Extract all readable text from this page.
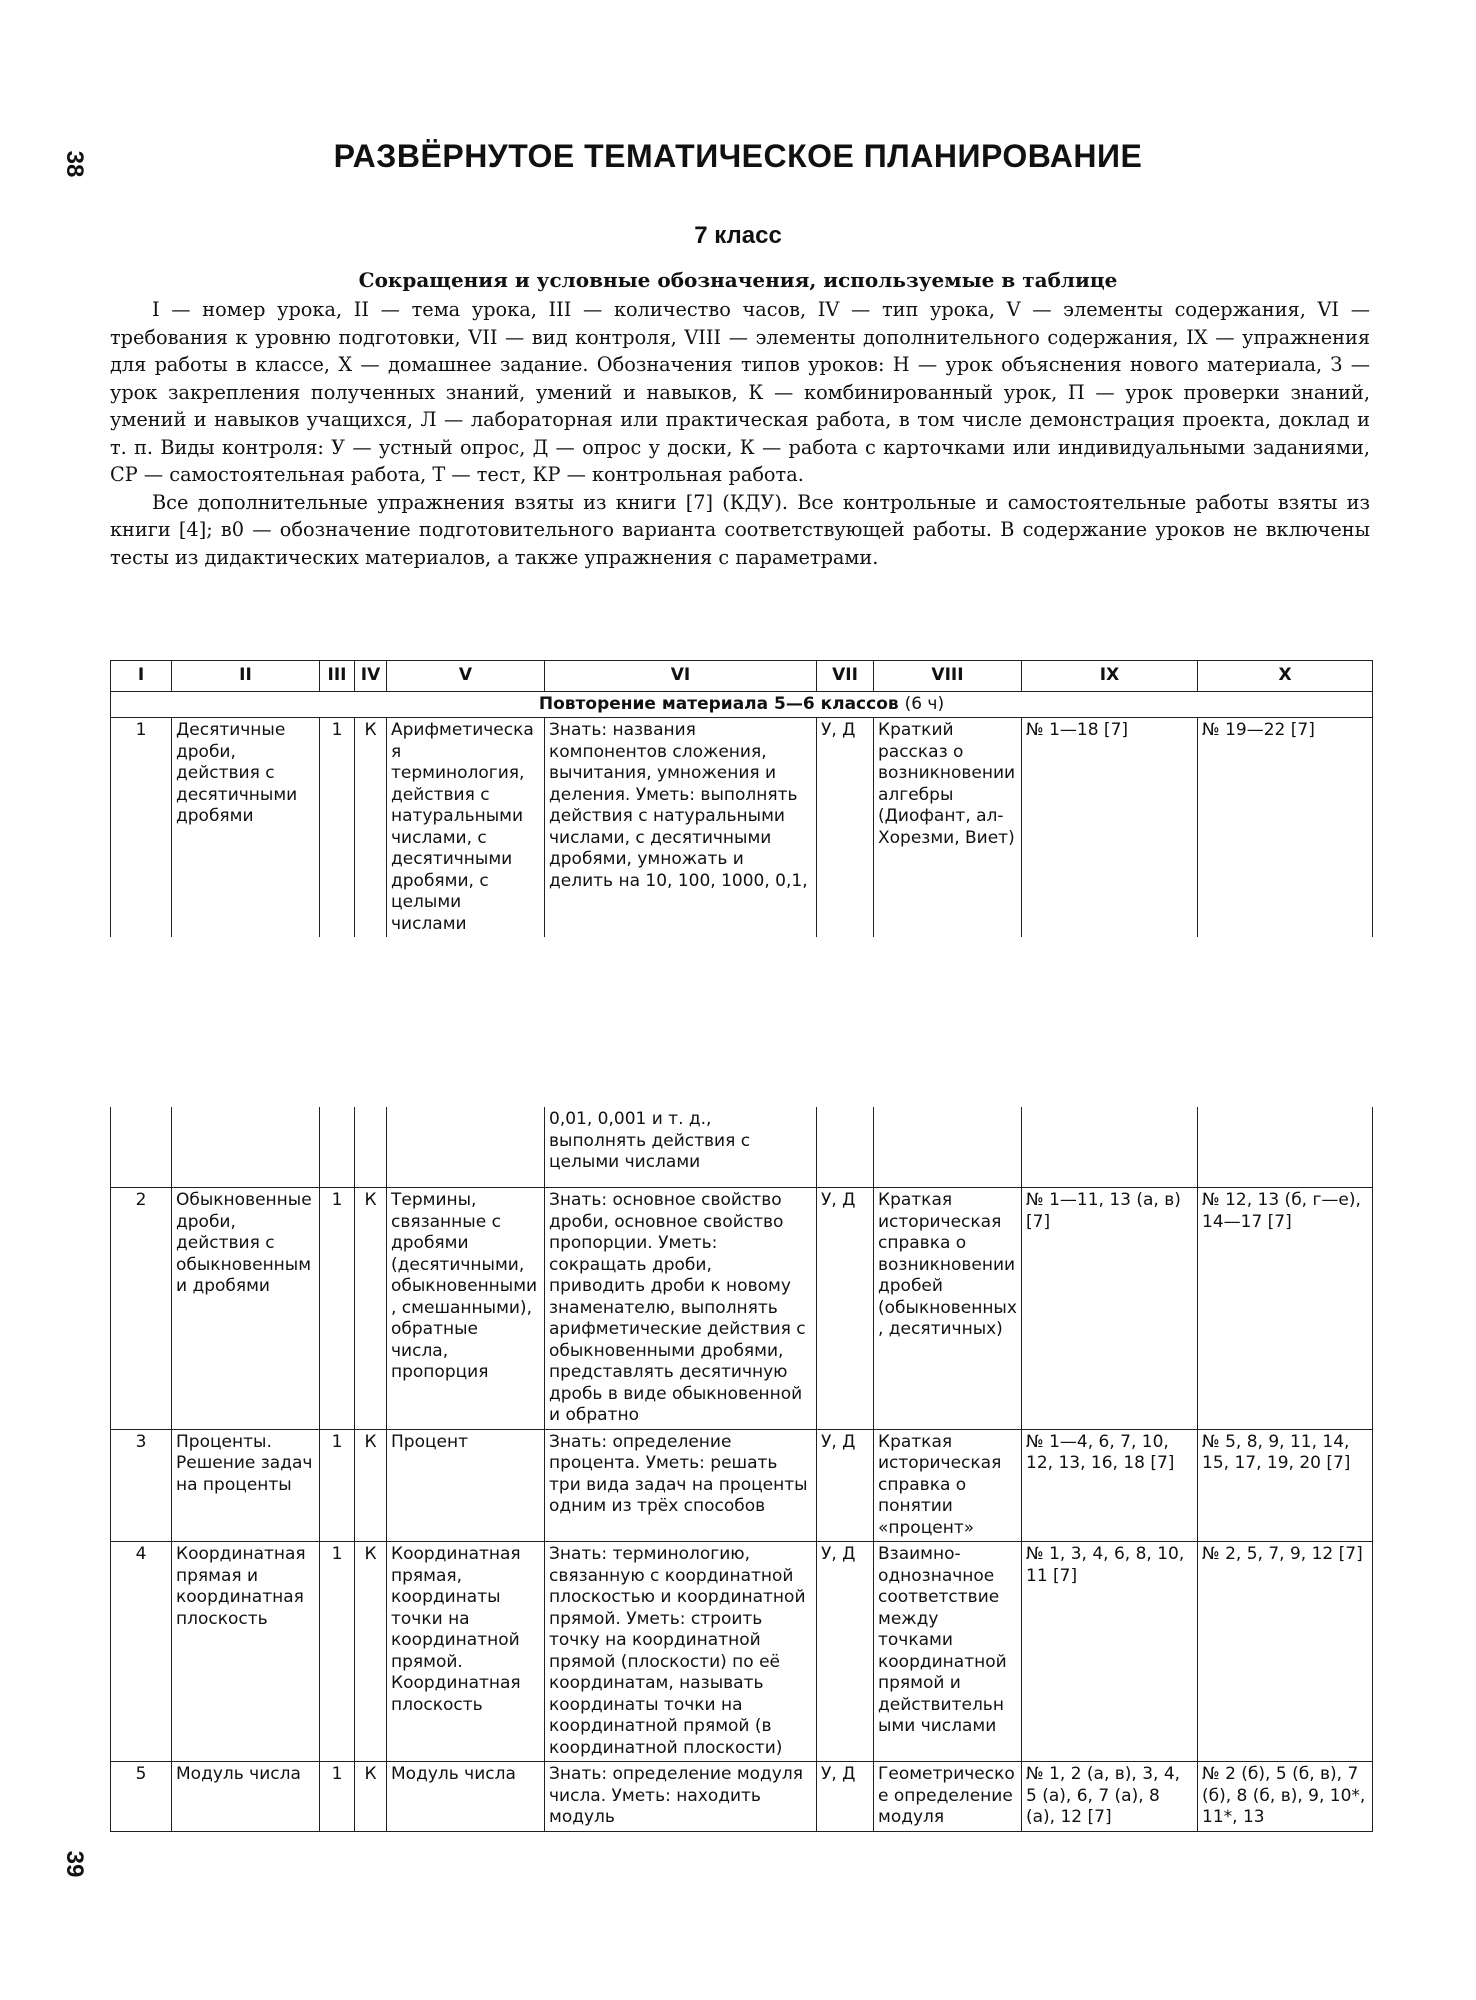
38
39
РАЗВЁРНУТОЕ ТЕМАТИЧЕСКОЕ ПЛАНИРОВАНИЕ
7 класс
Сокращения и условные обозначения, используемые в таблице

I — номер урока, II — тема урока, III — количество часов, IV — тип урока, V — элементы содержания, VI — требования к уровню подготовки, VII — вид контроля, VIII — элементы дополнительного содержания, IX — упражнения для работы в классе, X — домашнее задание. Обозначения типов уроков: Н — урок объяснения нового материала, З — урок закрепления полученных знаний, умений и навыков, К — комбинированный урок, П — урок проверки знаний, умений и навыков учащихся, Л — лабораторная или практическая работа, в том числе демонстрация проекта, доклад и т. п. Виды контроля: У — устный опрос, Д — опрос у доски, К — работа с карточками или индивидуальными заданиями, СР — самостоятельная работа, Т — тест, КР — контрольная работа.

Все дополнительные упражнения взяты из книги [7] (КДУ). Все контрольные и самостоятельные работы взяты из книги [4]; в0 — обозначение подготовительного варианта соответствующей работы. В содержание уроков не включены тесты из дидактических материалов, а также упражнения с параметрами.

I	II	III	IV	V	VI	VII	VIII	IX	X
Повторение материала 5—6 классов (6 ч)									
1	Десятичные дроби, действия с десятичными дробями	1	К	Арифметическая терминология, действия с натуральными числами, с десятичными дробями, с целыми числами	Знать: названия компонентов сложения, вычитания, умножения и деления. Уметь: выполнять действия с натуральными числами, с десятичными дробями, умножать и делить на 10, 100, 1000, 0,1,	У, Д	Краткий рассказ о возникновении алгебры (Диофант, ал-Хорезми, Виет)	№ 1—18 [7]	№ 19—22 [7]
					0,01, 0,001 и т. д., выполнять действия с целыми числами				
2	Обыкновенные дроби, действия с обыкновенными дробями	1	К	Термины, связанные с дробями (десятичными, обыкновенными, смешанными), обратные числа, пропорция	Знать: основное свойство дроби, основное свойство пропорции. Уметь: сокращать дроби, приводить дроби к новому знаменателю, выполнять арифметические действия с обыкновенными дробями, представлять десятичную дробь в виде обыкновенной и обратно	У, Д	Краткая историческая справка о возникновении дробей (обыкновенных, десятичных)	№ 1—11, 13 (а, в) [7]	№ 12, 13 (б, г—е), 14—17 [7]
3	Проценты. Решение задач на проценты	1	К	Процент	Знать: определение процента. Уметь: решать три вида задач на проценты одним из трёх способов	У, Д	Краткая историческая справка о понятии «процент»	№ 1—4, 6, 7, 10, 12, 13, 16, 18 [7]	№ 5, 8, 9, 11, 14, 15, 17, 19, 20 [7]
4	Координатная прямая и координатная плоскость	1	К	Координатная прямая, координаты точки на координатной прямой. Координатная плоскость	Знать: терминологию, связанную с координатной плоскостью и координатной прямой. Уметь: строить точку на координатной прямой (плоскости) по её координатам, называть координаты точки на координатной прямой (в координатной плоскости)	У, Д	Взаимно-однозначное соответствие между точками координатной прямой и действительными числами	№ 1, 3, 4, 6, 8, 10, 11 [7]	№ 2, 5, 7, 9, 12 [7]
5	Модуль числа	1	К	Модуль числа	Знать: определение модуля числа. Уметь: находить модуль	У, Д	Геометрическое определение модуля	№ 1, 2 (а, в), 3, 4, 5 (а), 6, 7 (а), 8 (а), 12 [7]	№ 2 (б), 5 (б, в), 7 (б), 8 (б, в), 9, 10*, 11*, 13
